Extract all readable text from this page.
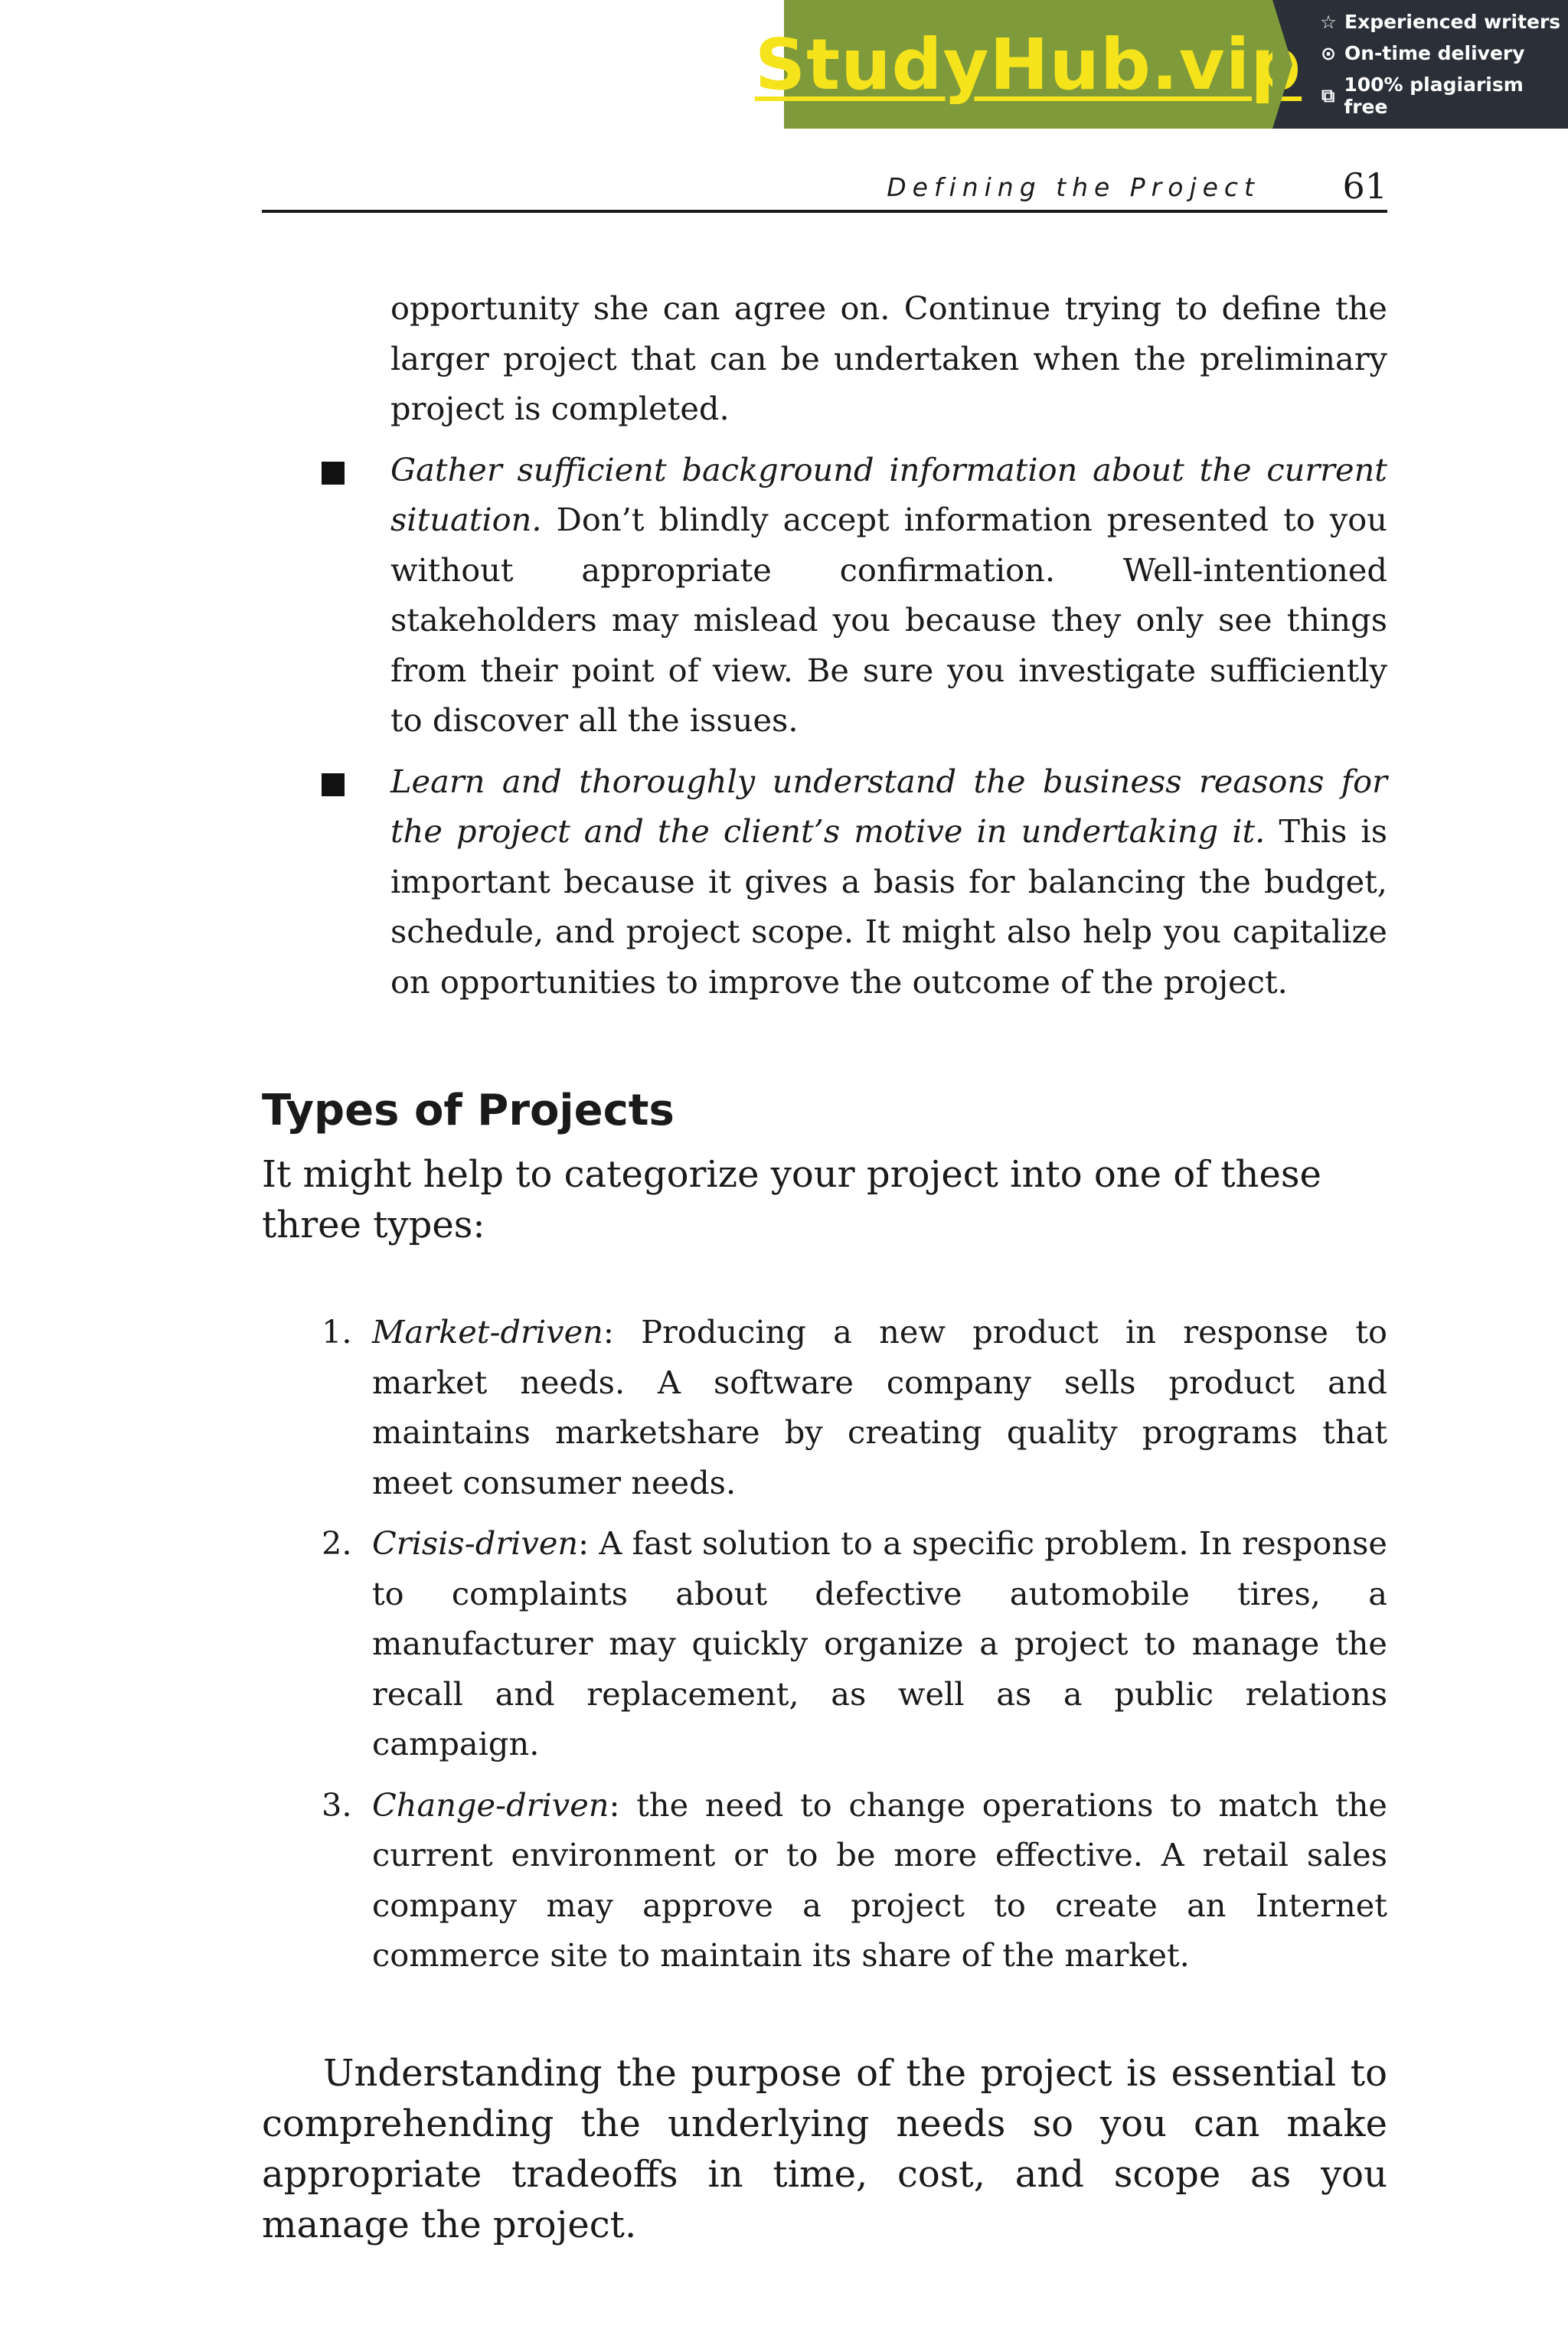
StudyHub.vip
☆ Experienced writers
⊙ On-time delivery
⧉ 100% plagiarism free
Defining the Project 61

opportunity she can agree on. Continue trying to define the larger project that can be undertaken when the preliminary project is completed.

Gather sufficient background information about the current situation. Don’t blindly accept information presented to you without appropriate confirmation. Well-intentioned stakeholders may mislead you because they only see things from their point of view. Be sure you investigate sufficiently to discover all the issues.
Learn and thoroughly understand the business reasons for the project and the client’s motive in undertaking it. This is important because it gives a basis for balancing the budget, schedule, and project scope. It might also help you capitalize on opportunities to improve the outcome of the project.
Types of Projects

It might help to categorize your project into one of these three types:

1. Market-driven: Producing a new product in response to market needs. A software company sells product and maintains marketshare by creating quality programs that meet consumer needs.
2. Crisis-driven: A fast solution to a specific problem. In response to complaints about defective automobile tires, a manufacturer may quickly organize a project to manage the recall and replacement, as well as a public relations campaign.
3. Change-driven: the need to change operations to match the current environment or to be more effective. A retail sales company may approve a project to create an Internet commerce site to maintain its share of the market.

Understanding the purpose of the project is essential to comprehending the underlying needs so you can make appropriate tradeoffs in time, cost, and scope as you manage the project.
